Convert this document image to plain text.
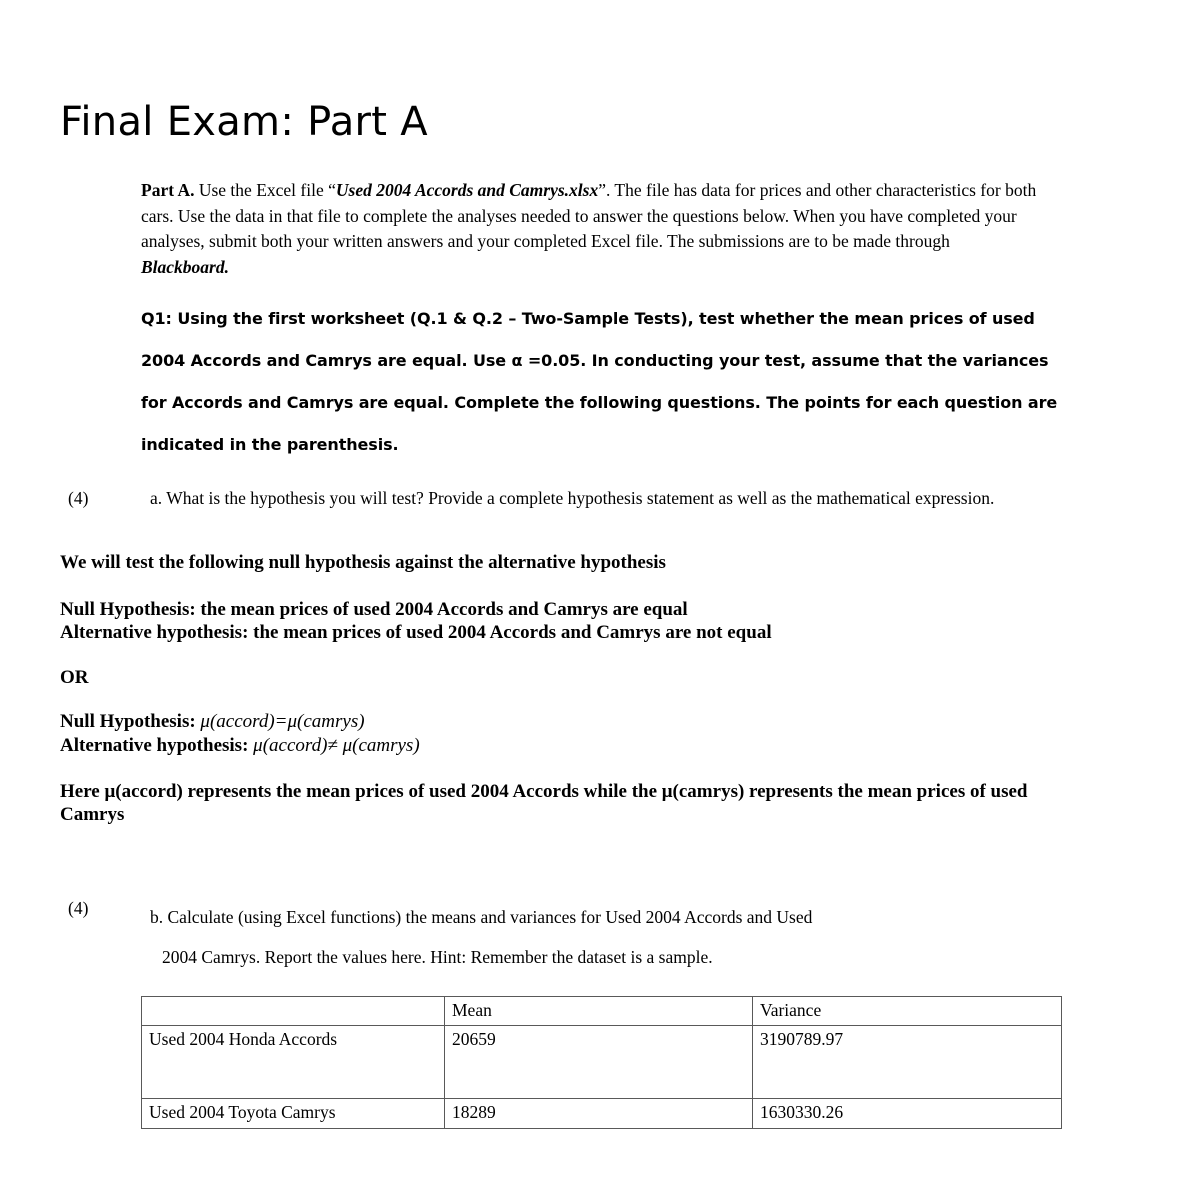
Final Exam: Part A
Part A. Use the Excel file “Used 2004 Accords and Camrys.xlsx”. The file has data for prices and other characteristics for both cars. Use the data in that file to complete the analyses needed to answer the questions below. When you have completed your analyses, submit both your written answers and your completed Excel file. The submissions are to be made through Blackboard.
Q1: Using the first worksheet (Q.1 & Q.2 – Two-Sample Tests), test whether the mean prices of used 2004 Accords and Camrys are equal. Use α =0.05. In conducting your test, assume that the variances for Accords and Camrys are equal. Complete the following questions. The points for each question are indicated in the parenthesis.
(4)	a. What is the hypothesis you will test? Provide a complete hypothesis statement as well as the mathematical expression.
We will test the following null hypothesis against the alternative hypothesis
Null Hypothesis: the mean prices of used 2004 Accords and Camrys are equal
Alternative hypothesis: the mean prices of used 2004 Accords and Camrys are not equal
OR
Null Hypothesis: μ(accord)=μ(camrys)
Alternative hypothesis: μ(accord)≠ μ(camrys)
Here μ(accord) represents the mean prices of used 2004 Accords while the μ(camrys) represents the mean prices of used Camrys
(4)	b. Calculate (using Excel functions) the means and variances for Used 2004 Accords and Used
2004 Camrys. Report the values here. Hint: Remember the dataset is a sample.
	Mean	Variance
Used 2004 Honda Accords	20659	3190789.97
Used 2004 Toyota Camrys	18289	1630330.26
